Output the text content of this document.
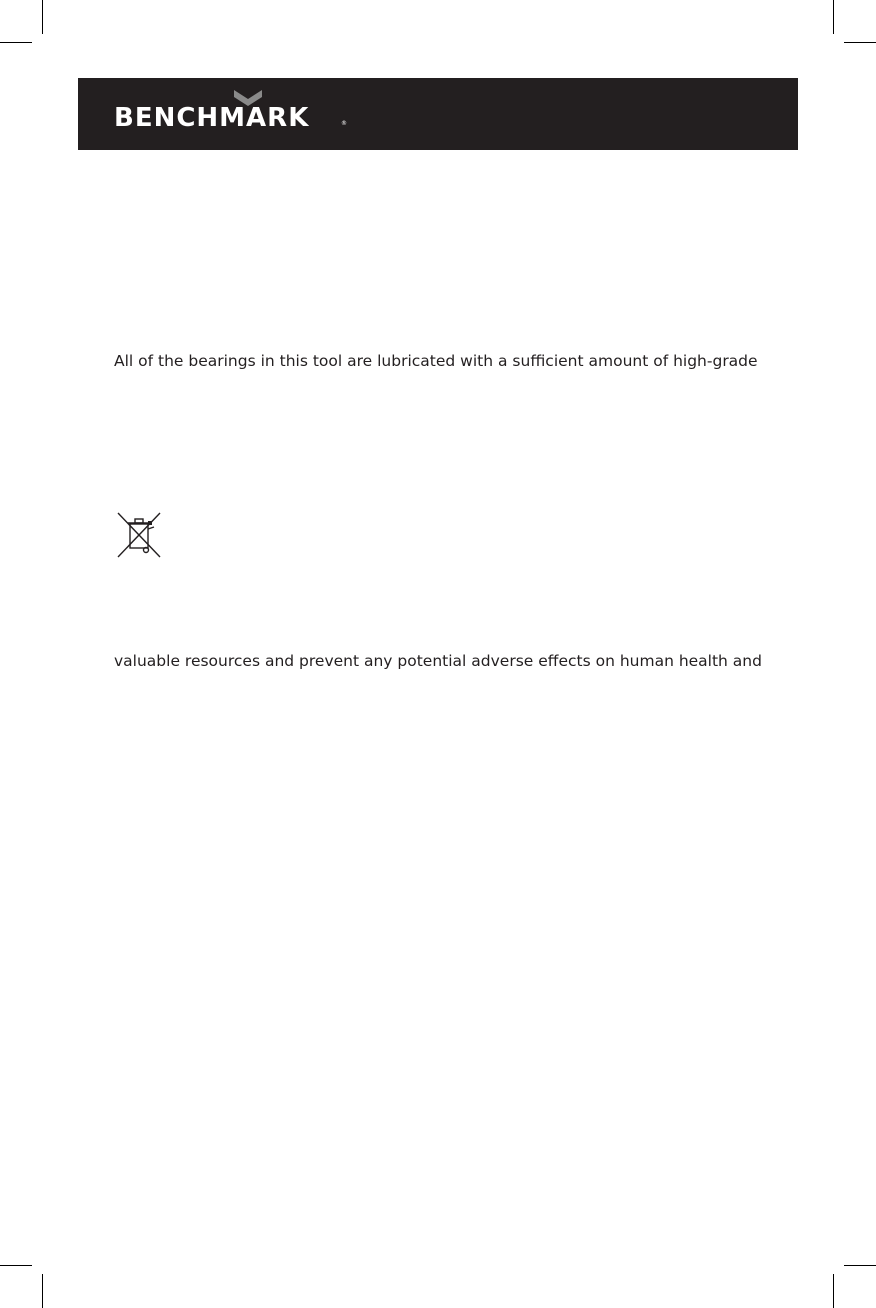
BENCHMARK	®
All of the bearings in this tool are lubricated with a sufficient amount of high-grade
valuable resources and prevent any potential adverse effects on human health and
